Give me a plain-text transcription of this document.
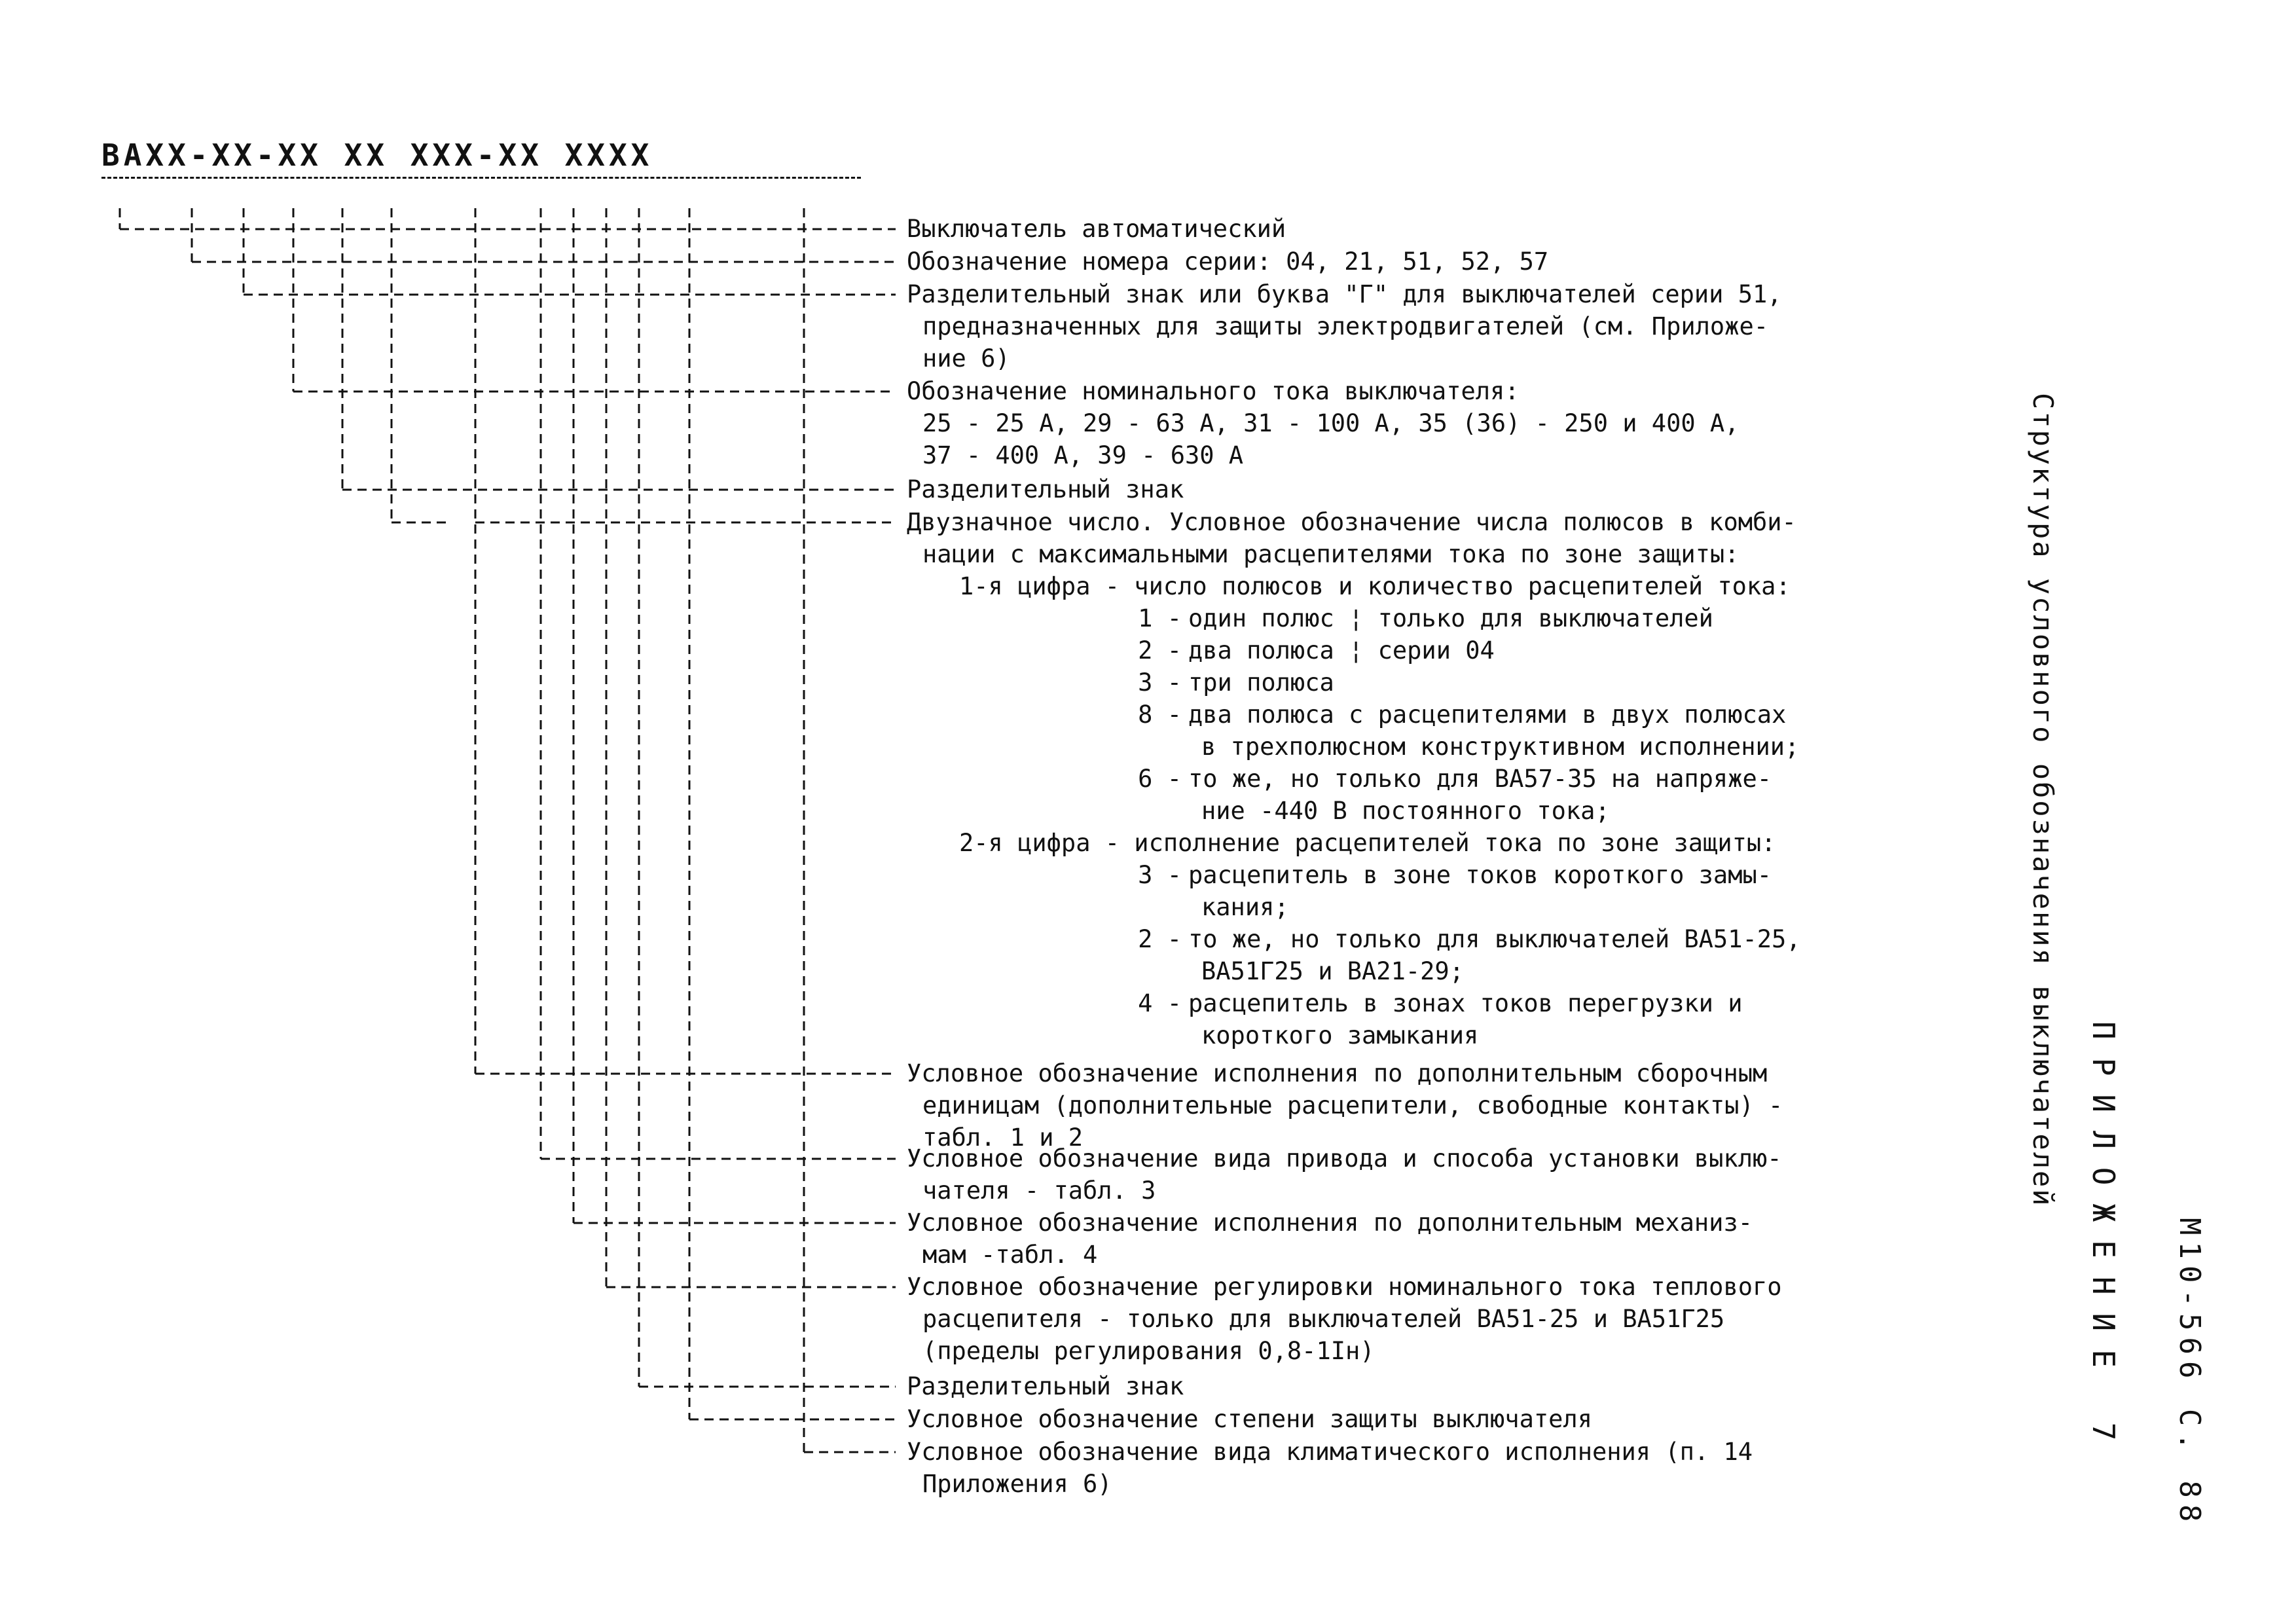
ВАХХ-ХХ-ХХ ХХ ХХХ-ХХ ХХХХ

Выключатель автоматический

Обозначение номера серии: 04, 21, 51, 52, 57

Разделительный знак или буква "Г" для выключателей серии 51,

предназначенных для защиты электродвигателей (см. Приложе-

ние 6)

Обозначение номинального тока выключателя:

25 - 25 А, 29 - 63 А, 31 - 100 А, 35 (36) - 250 и 400 А,

37 - 400 А, 39 - 630 А

Разделительный знак

Двузначное число. Условное обозначение числа полюсов в комби-

нации с максимальными расцепителями тока по зоне защиты:

1-я цифра - число полюсов и количество расцепителей тока:

1 - один полюс ¦ только для выключателей
2 - два полюса ¦ серии 04
3 - три полюса
8 - два полюса с расцепителями в двух полюсах
в трехполюсном конструктивном исполнении;
6 - то же, но только для ВА57-35 на напряже-
ние -440 В постоянного тока;

2-я цифра - исполнение расцепителей тока по зоне защиты:

3 - расцепитель в зоне токов короткого замы-
кания;
2 - то же, но только для выключателей ВА51-25,
ВА51Г25 и ВА21-29;
4 - расцепитель в зонах токов перегрузки и
короткого замыкания

Условное обозначение исполнения по дополнительным сборочным

единицам (дополнительные расцепители, свободные контакты) -

табл. 1 и 2

Условное обозначение вида привода и способа установки выклю-

чателя - табл. 3

Условное обозначение исполнения по дополнительным механиз-

мам -табл. 4

Условное обозначение регулировки номинального тока теплового

расцепителя - только для выключателей ВА51-25 и ВА51Г25

(пределы регулирования 0,8-1Iн)

Разделительный знак

Условное обозначение степени защиты выключателя

Условное обозначение вида климатического исполнения (п. 14

Приложения 6)

Структура условного обозначения выключателей
ПРИЛОЖЕНИЕ 7 М10-566 С. 88
